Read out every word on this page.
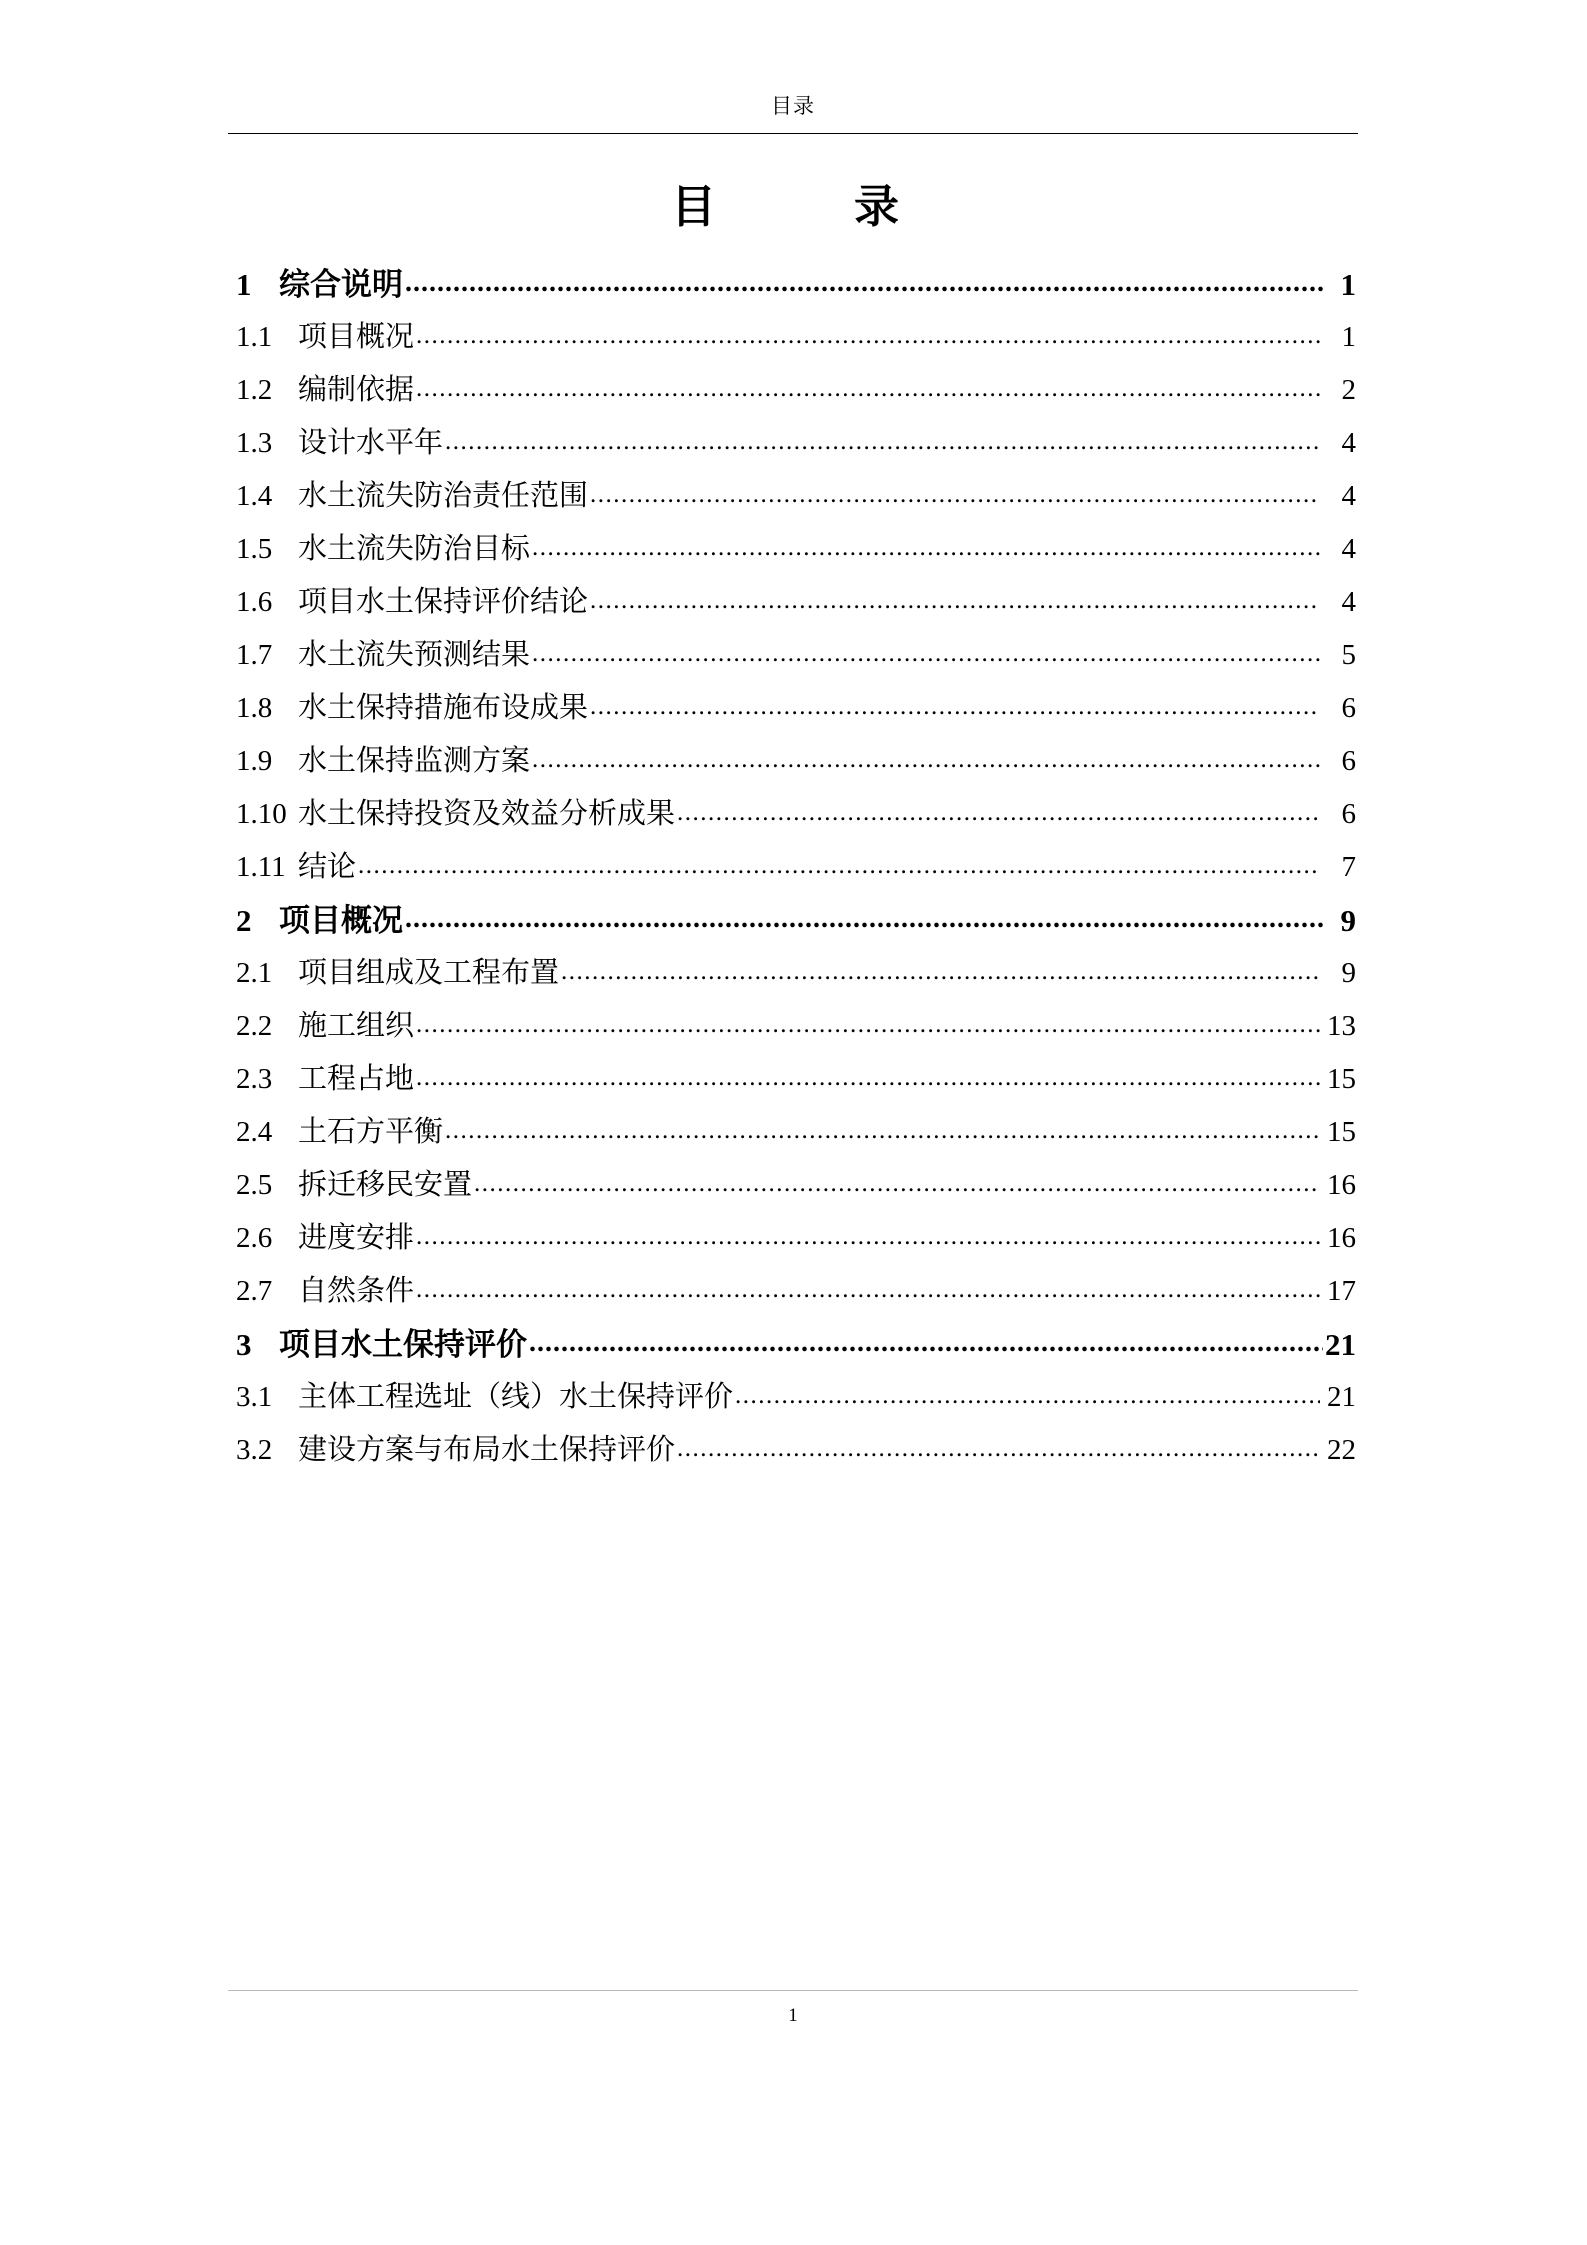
目录
目　　录
1 综合说明 .....	1
1.1 项目概况 .....	1
1.2 编制依据 .....	2
1.3 设计水平年 .....	4
1.4 水土流失防治责任范围 .....	4
1.5 水土流失防治目标 .....	4
1.6 项目水土保持评价结论 .....	4
1.7 水土流失预测结果 .....	5
1.8 水土保持措施布设成果 .....	6
1.9 水土保持监测方案 .....	6
1.10 水土保持投资及效益分析成果 .....	6
1.11 结论 .....	7
2 项目概况 .....	9
2.1 项目组成及工程布置 .....	9
2.2 施工组织 .....	13
2.3 工程占地 .....	15
2.4 土石方平衡 .....	15
2.5 拆迁移民安置 .....	16
2.6 进度安排 .....	16
2.7 自然条件 .....	17
3 项目水土保持评价 .....	21
3.1 主体工程选址（线）水土保持评价 .....	21
3.2 建设方案与布局水土保持评价 .....	22
1
